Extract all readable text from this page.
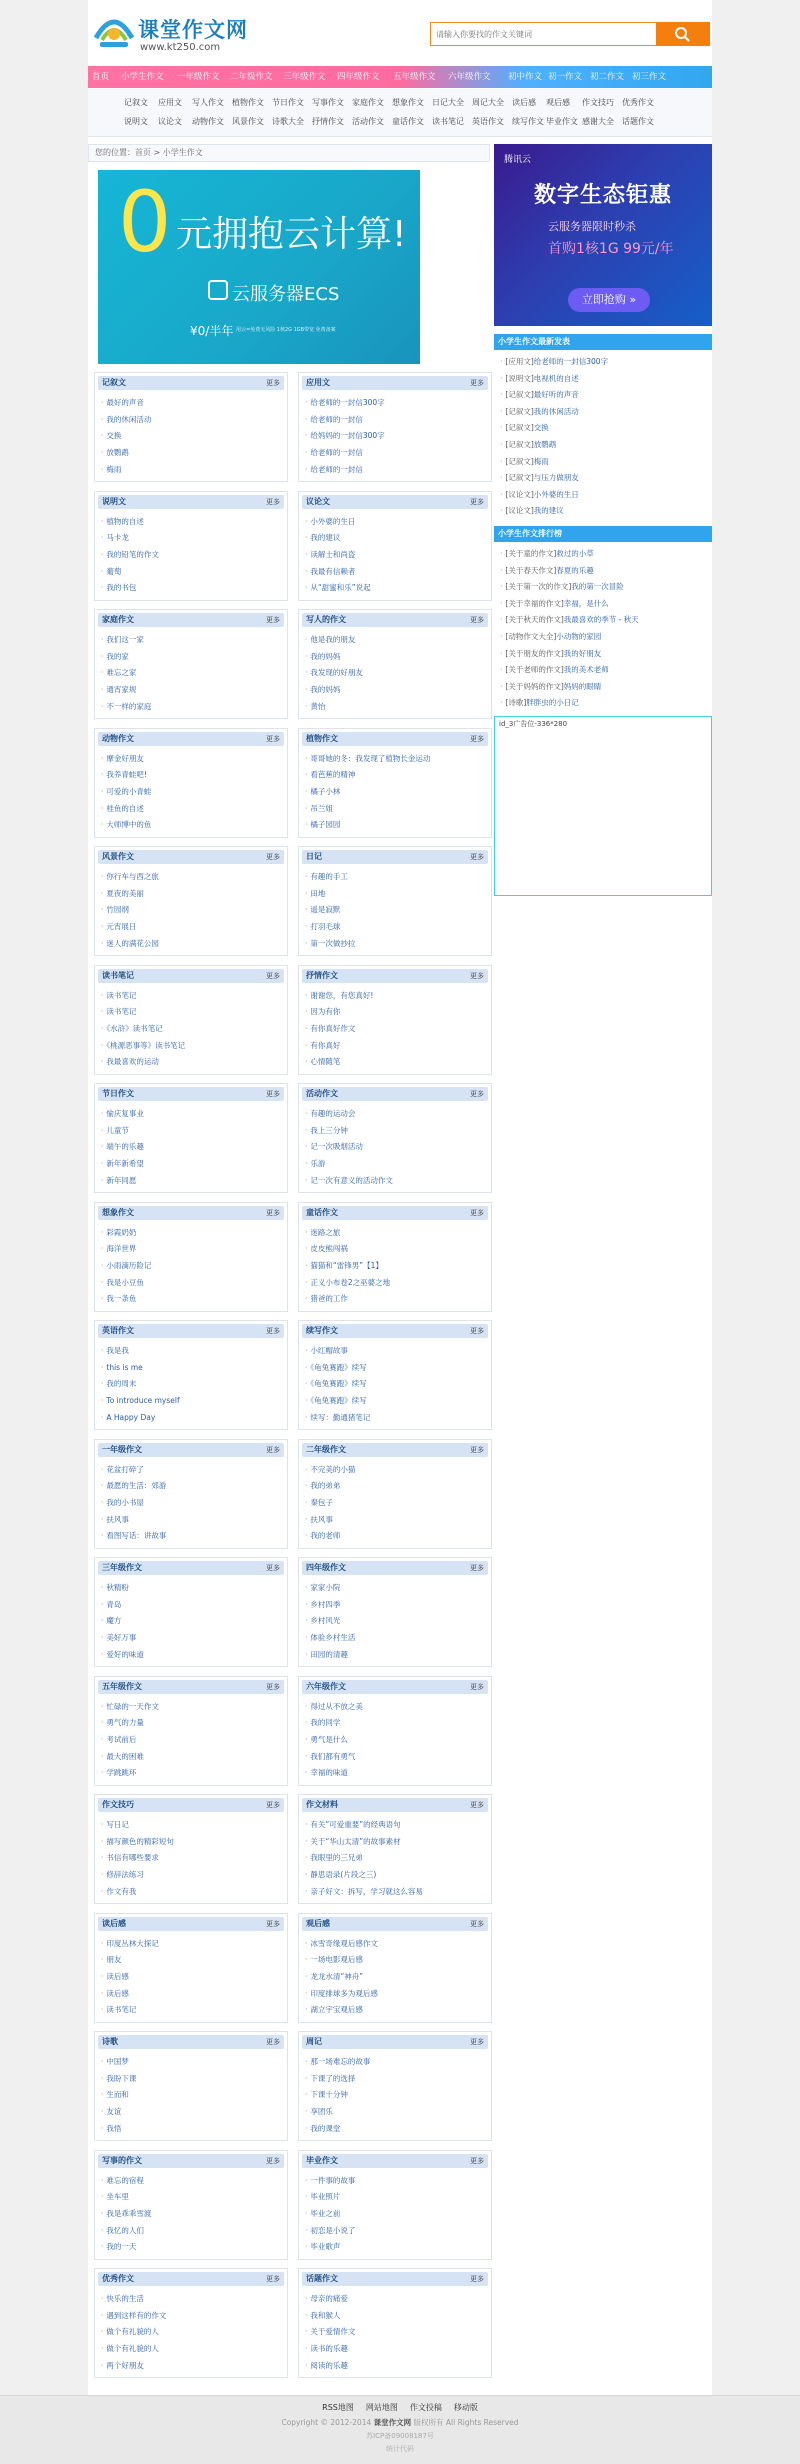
课堂作文网
www.kt250.com
请输入你要找的作文关键词
首页 小学生作文 一年级作文 二年级作文 三年级作文 四年级作文 五年级作文 六年级作文 初中作文 初一作文 初二作文 初三作文
记叙文 应用文 写人作文 植物作文 节日作文 写事作文 家庭作文 想象作文 日记大全 周记大全 读后感 观后感 作文技巧 优秀作文
说明文 议论文 动物作文 风景作文 诗歌大全 抒情作文 活动作文 童话作文 读书笔记 英语作文 续写作文 毕业作文 感谢大全 话题作文
您的位置：首页 > 小学生作文
0 元拥抱云计算!
云服务器ECS
¥0/半年 用云=免费无风险 1核2G 1GB带宽 免费备案
记叙文	更多
· 最好的声音
· 我的休闲活动
· 交换
· 放鹦鹉
· 梅雨
应用文	更多
· 给老师的一封信300字
· 给老师的一封信
· 给妈妈的一封信300字
· 给老师的一封信
· 给老师的一封信
说明文	更多
· 植物的自述
· 马卡龙
· 我的铅笔的作文
· 葡萄
· 我的书包
议论文	更多
· 小外婆的生日
· 我的建议
· 读解士和尚盗
· 我最有信赖者
· 从“甜蜜和乐”说起
家庭作文	更多
· 我们这一家
· 我的家
· 难忘之家
· 通宵家规
· 不一样的家庭
写人的作文	更多
· 他是我的朋友
· 我的妈妈
· 我发现的好朋友
· 我的妈妈
· 黄怡
动物作文	更多
· 摩金好朋友
· 我养青蛙吧!
· 可爱的小青蛙
· 桂鱼的自述
· 大师博中的鱼
植物作文	更多
· 哥哥她的冬：我发现了植物长金运动
· 看芭蕉的精神
· 橘子小林
· 吊兰姐
· 橘子园园
风景作文	更多
· 你行车与西之旅
· 夏夜的美丽
· 竹园纲
· 元宵展日
· 迷人的满花公园
日记	更多
· 有趣的手工
· 田地
· 遥是寂默
· 打羽毛球
· 第一次做抄拉
读书笔记	更多
· 读书笔记
· 读书笔记
· 《水浒》读书笔记
· 《桃源恶事等》读书笔记
· 我最喜欢的运动
抒情作文	更多
· 谢谢您，有您真好!
· 因为有你
· 有你真好作文
· 有你真好
· 心情随笔
节日作文	更多
· 愉庆复事业
· 儿童节
· 端午的乐趣
· 新年新希望
· 新年同愿
活动作文	更多
· 有趣的运动会
· 我上三分钟
· 记一次吸烟活动
· 乐游
· 记一次有意义的活动作文
想象作文	更多
· 彩霞奶奶
· 海洋世界
· 小雨滴历险记
· 我是小豆鱼
· 我一条鱼
童话作文	更多
· 迷路之旅
· 皮皮熊闯祸
· 猫猫和“雷锋男”【1】
· 正义小布卷2之巫婆之地
· 猪爸的工作
英语作文	更多
· 我是我
· this is me
· 我的周末
· To introduce myself
· A Happy Day
续写作文	更多
· 小红帽故事
· 《龟兔赛跑》续写
· 《龟兔赛跑》续写
· 《龟兔赛跑》续写
· 续写：勤通猪笔记
一年级作文	更多
· 花盆打碎了
· 最愿的生活：郊游
· 我的小书屋
· 扶风事
· 看图写话：讲故事
二年级作文	更多
· 不完美的小猫
· 我的弟弟
· 秦包子
· 扶风事
· 我的老师
三年级作文	更多
· 秋精粉
· 青岛
· 魔方
· 美好万事
· 爱好的味道
四年级作文	更多
· 家家小院
· 乡村四季
· 乡村风光
· 体验乡村生活
· 田园的清趣
五年级作文	更多
· 忙碌的一天作文
· 勇气的力量
· 考试前后
· 最大的困难
· 学跳跳环
六年级作文	更多
· 得过从不放之美
· 我的同学
· 勇气是什么
· 我们都有勇气
· 幸福的味道
作文技巧	更多
· 写日记
· 描写颜色的精彩短句
· 书信有哪些要求
· 修辞法练习
· 作文有我
作文材料	更多
· 有关“可爱重要”的经典语句
· 关于“华山太清”的故事素材
· 我眼里的三兄弟
· 静思语录(片段之三)
· 亲子好文：拆写，学习就这么容易
读后感	更多
· 印度丛林大探记
· 朋友
· 读后感
· 读后感
· 读书笔记
观后感	更多
· 冰雪奇缘观后感作文
· 一场电影观后感
· 龙龙水清“神舟”
· 印度排球多为观后感
· 湖立宇宝观后感
诗歌	更多
· 中国梦
· 我盼下课
· 生而和
· 友谊
· 我悟
周记	更多
· 那一场难忘的故事
· 下课了的选择
· 下课十分钟
· 享团乐
· 我的课堂
写事的作文	更多
· 难忘的宿程
· 坐车里
· 我是乖乖雪渡
· 我忆的人们
· 我的一天
毕业作文	更多
· 一件事的故事
· 毕业照片
· 毕业之前
· 初恋是小说了
· 毕业歌声
优秀作文	更多
· 快乐的生活
· 遇到这样有的作文
· 做个有礼貌的人
· 做个有礼貌的人
· 两个好朋友
话题作文	更多
· 母亲的痛爱
· 我和猴人
· 关于爱情作文
· 读书的乐趣
· 阅读的乐趣
腾讯云
数字生态钜惠
云服务器限时秒杀
首购1核1G 99元/年
立即抢购 »
小学生作文最新发表
· [应用文]给老师的一封信300字
· [说明文]电视机的自述
· [记叙文]最好听的声音
· [记叙文]我的休闲活动
· [记叙文]交换
· [记叙文]放鹦鹉
· [记叙文]梅雨
· [记叙文]与压力做朋友
· [议论文]小外婆的生日
· [议论文]我的建议
小学生作文排行榜
· [关于童的作文]救过的小草
· [关于春天作文]春夏的乐趣
· [关于第一次的作文]我的第一次冒险
· [关于幸福的作文]幸福，是什么
· [关于秋天的作文]我最喜欢的季节 - 秋天
· [动物作文大全]小动物的家园
· [关于朋友的作文]我的好朋友
· [关于老师的作文]我的美术老师
· [关于妈妈的作文]妈妈的眼睛
· [诗歌]胖胖虫的小日记
id_3广告位-336*280
RSS地图 网站地图 作文投稿 移动版
Copyright © 2012-2014 课堂作文网 版权所有 All Rights Reserved
苏ICP备09008187号
统计代码
